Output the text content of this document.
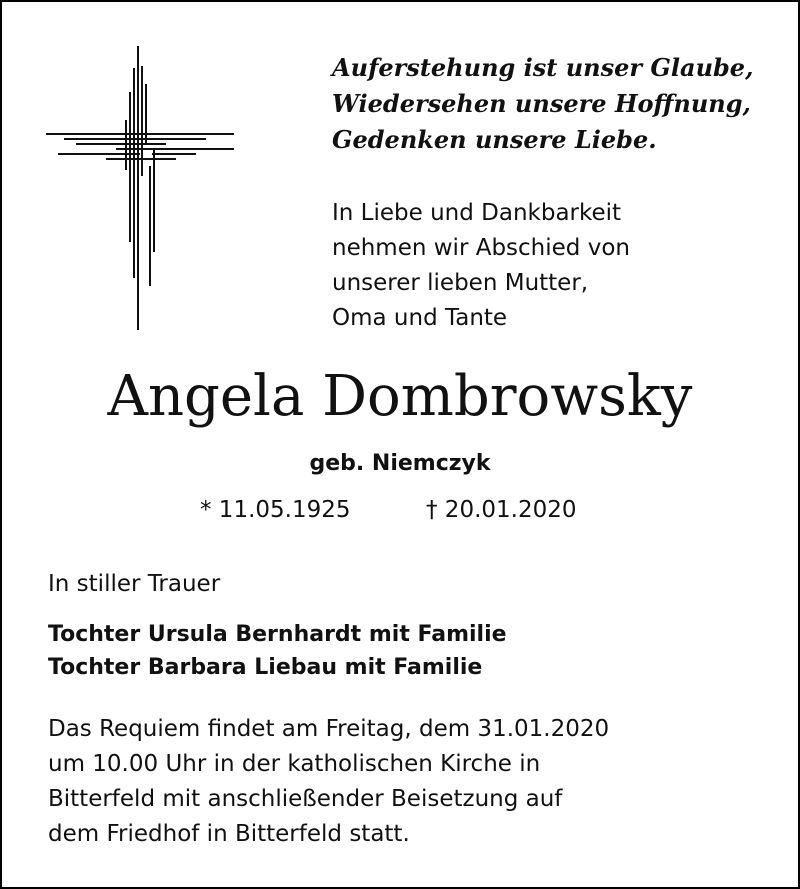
Auferstehung ist unser Glaube,
Wiedersehen unsere Hoffnung,
Gedenken unsere Liebe.
In Liebe und Dankbarkeit
nehmen wir Abschied von
unserer lieben Mutter,
Oma und Tante
Angela Dombrowsky
geb. Niemczyk
* 11.05.1925	† 20.01.2020
In stiller Trauer
Tochter Ursula Bernhardt mit Familie
Tochter Barbara Liebau mit Familie
Das Requiem findet am Freitag, dem 31.01.2020
um 10.00 Uhr in der katholischen Kirche in
Bitterfeld mit anschließender Beisetzung auf
dem Friedhof in Bitterfeld statt.
